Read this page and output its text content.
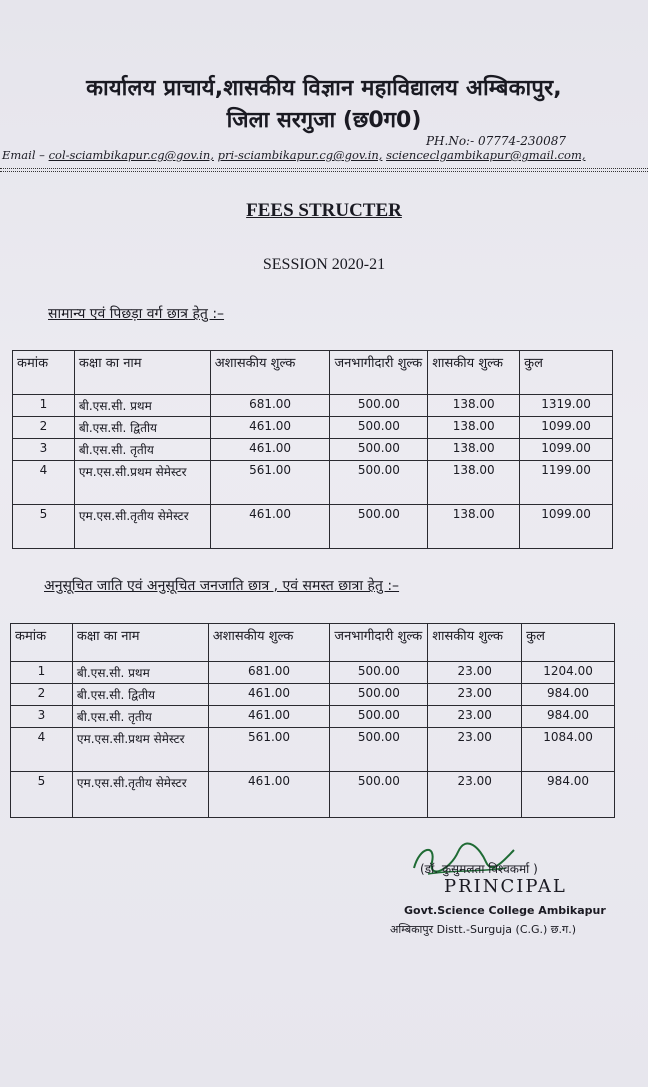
कार्यालय प्राचार्य,शासकीय विज्ञान महाविद्यालय अम्बिकापुर,
जिला सरगुजा (छ0ग0)
PH.No:- 07774-230087
Email – col-sciambikapur.cg@gov.in, pri-sciambikapur.cg@gov.in, scienceclgambikapur@gmail.com,
FEES STRUCTER
SESSION 2020-21
सामान्य एवं पिछड़ा वर्ग छात्र हेतु :–
कमांक	कक्षा का नाम	अशासकीय शुल्क	जनभागीदारी शुल्क	शासकीय शुल्क	कुल
1	बी.एस.सी. प्रथम	681.00	500.00	138.00	1319.00
2	बी.एस.सी. द्वितीय	461.00	500.00	138.00	1099.00
3	बी.एस.सी. तृतीय	461.00	500.00	138.00	1099.00
4	एम.एस.सी.प्रथम सेमेस्टर	561.00	500.00	138.00	1199.00
5	एम.एस.सी.तृतीय सेमेस्टर	461.00	500.00	138.00	1099.00
अनुसूचित जाति एवं अनुसूचित जनजाति छात्र , एवं समस्त छात्रा हेतु :–
कमांक	कक्षा का नाम	अशासकीय शुल्क	जनभागीदारी शुल्क	शासकीय शुल्क	कुल
1	बी.एस.सी. प्रथम	681.00	500.00	23.00	1204.00
2	बी.एस.सी. द्वितीय	461.00	500.00	23.00	984.00
3	बी.एस.सी. तृतीय	461.00	500.00	23.00	984.00
4	एम.एस.सी.प्रथम सेमेस्टर	561.00	500.00	23.00	1084.00
5	एम.एस.सी.तृतीय सेमेस्टर	461.00	500.00	23.00	984.00
(डॉ. कुसुमलता विश्वकर्मा )
PRINCIPAL
Govt.Science College Ambikapur
अम्बिकापुर Distt.-Surguja (C.G.) छ.ग.)
